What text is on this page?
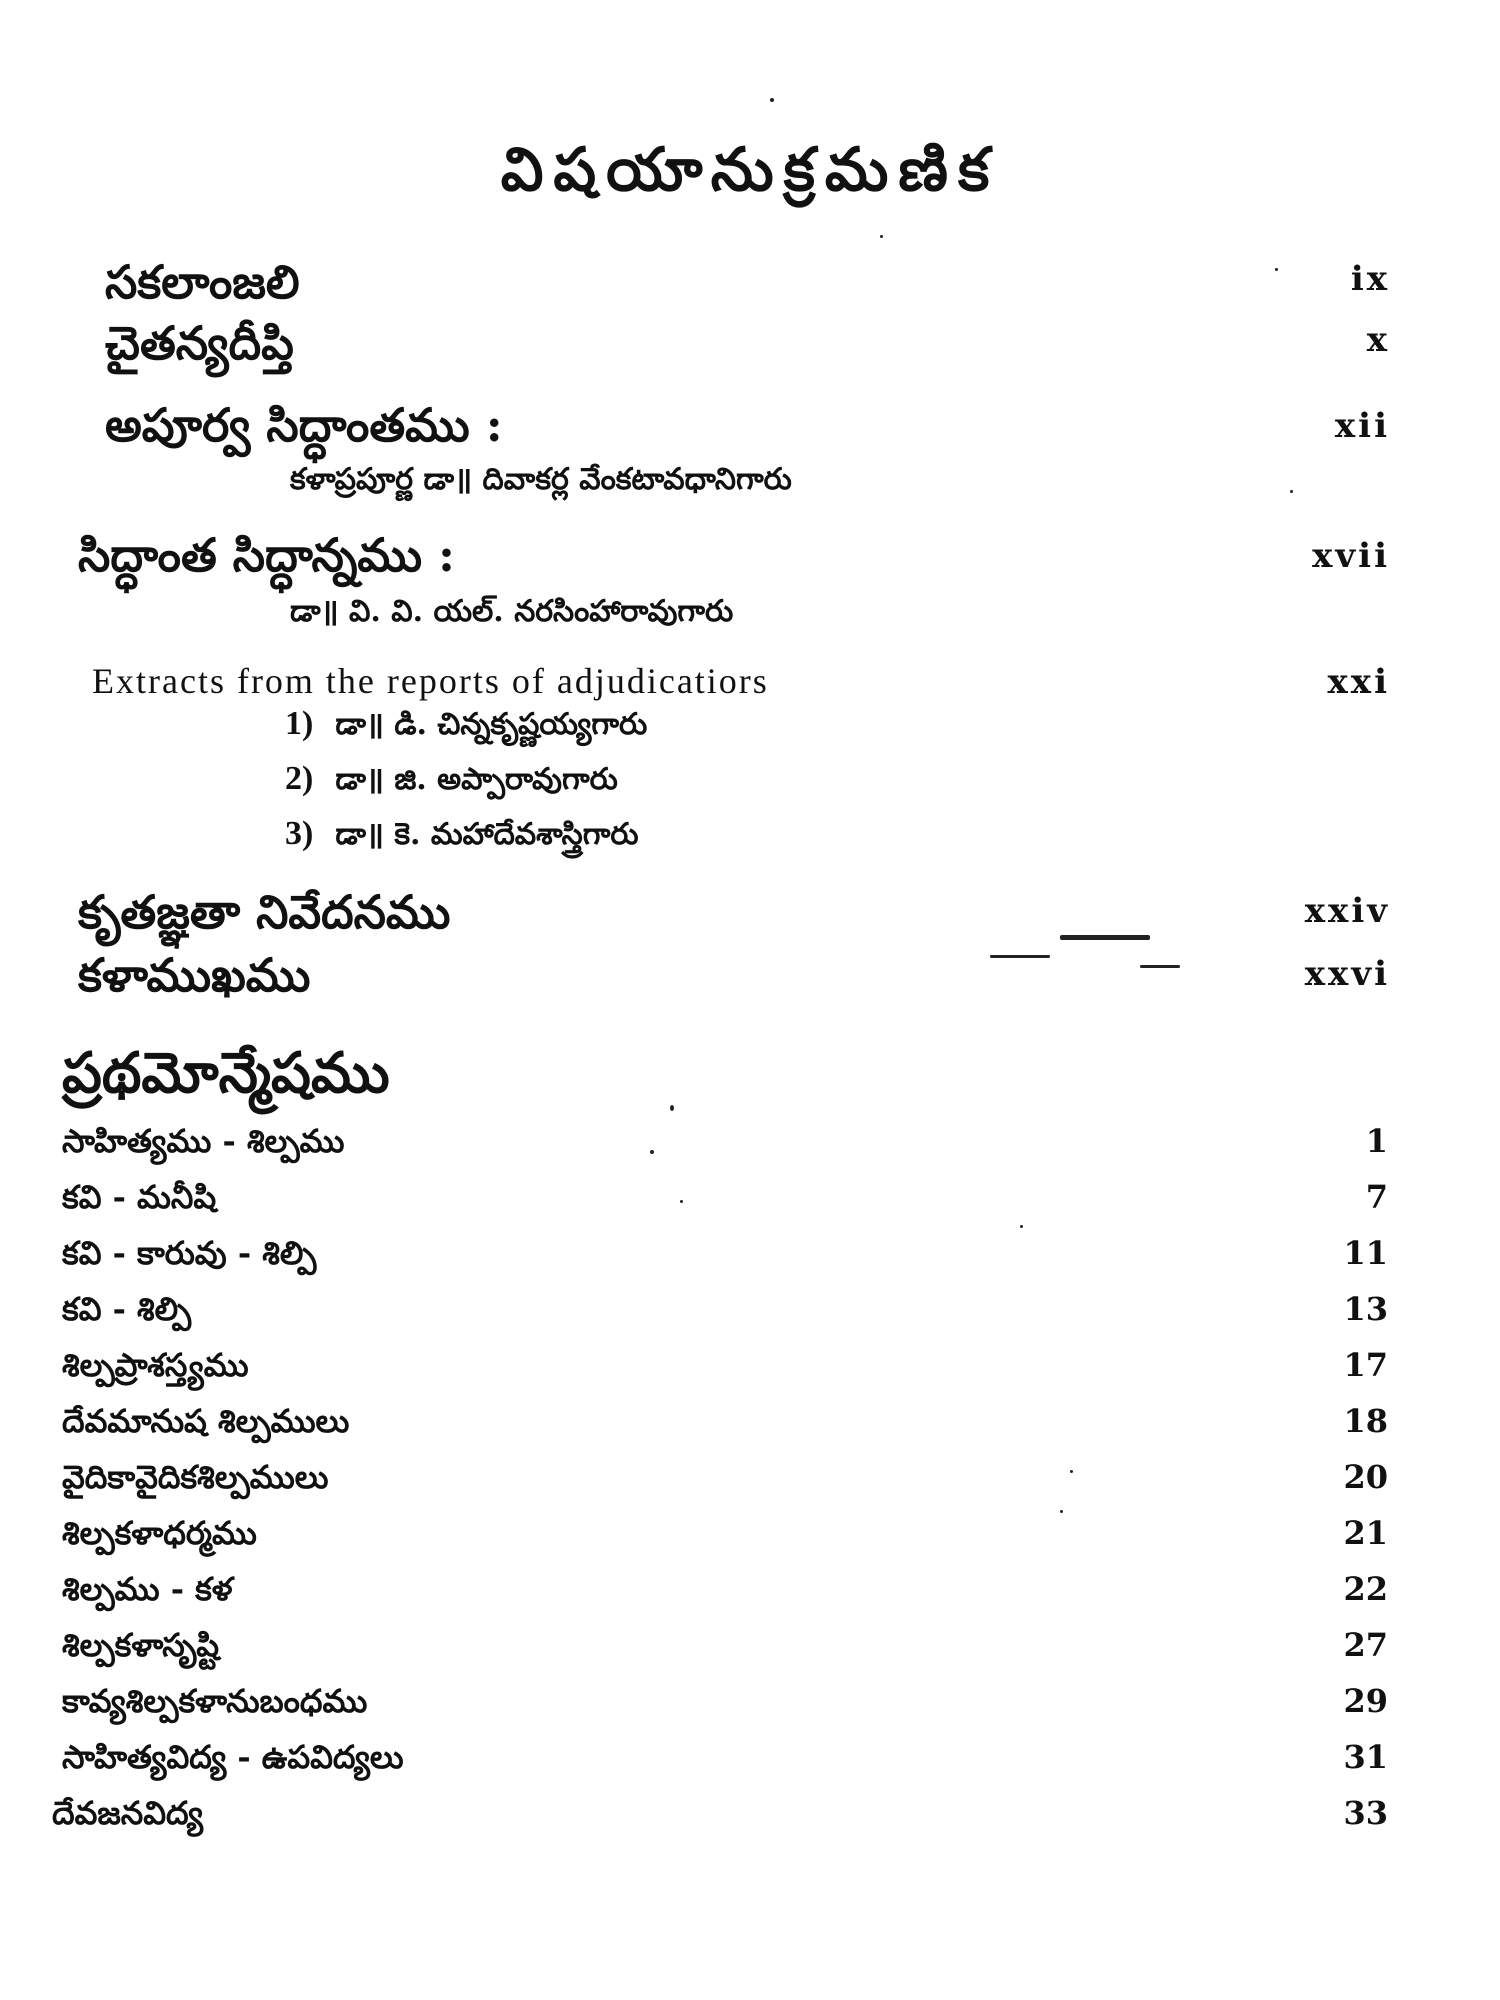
విషయానుక్రమణిక
సకలాంజలి	ix
చైతన్యదీప్తి	x
అపూర్వ సిద్ధాంతము :	xii
కళాప్రపూర్ణ డా॥ దివాకర్ల వేంకటావధానిగారు
సిద్ధాంత సిద్ధాన్నము :	xvii
డా॥ వి. వి. యల్. నరసింహారావుగారు
Extracts from the reports of adjudicatiors	xxi
1) డా॥ డి. చిన్నకృష్ణయ్యగారు
2) డా॥ జి. అప్పారావుగారు
3) డా॥ కె. మహాదేవశాస్త్రిగారు
కృతజ్ఞతా నివేదనము	xxiv
కళాముఖము	xxvi
ప్రథమోన్మేషము
సాహిత్యము - శిల్పము	1
కవి - మనీషి	7
కవి - కారువు - శిల్పి	11
కవి - శిల్పి	13
శిల్పప్రాశస్త్యము	17
దేవమానుష శిల్పములు	18
వైదికావైదికశిల్పములు	20
శిల్పకళాధర్మము	21
శిల్పము - కళ	22
శిల్పకళాసృష్టి	27
కావ్యశిల్పకళానుబంధము	29
సాహిత్యవిద్య - ఉపవిద్యలు	31
దేవజనవిద్య	33
